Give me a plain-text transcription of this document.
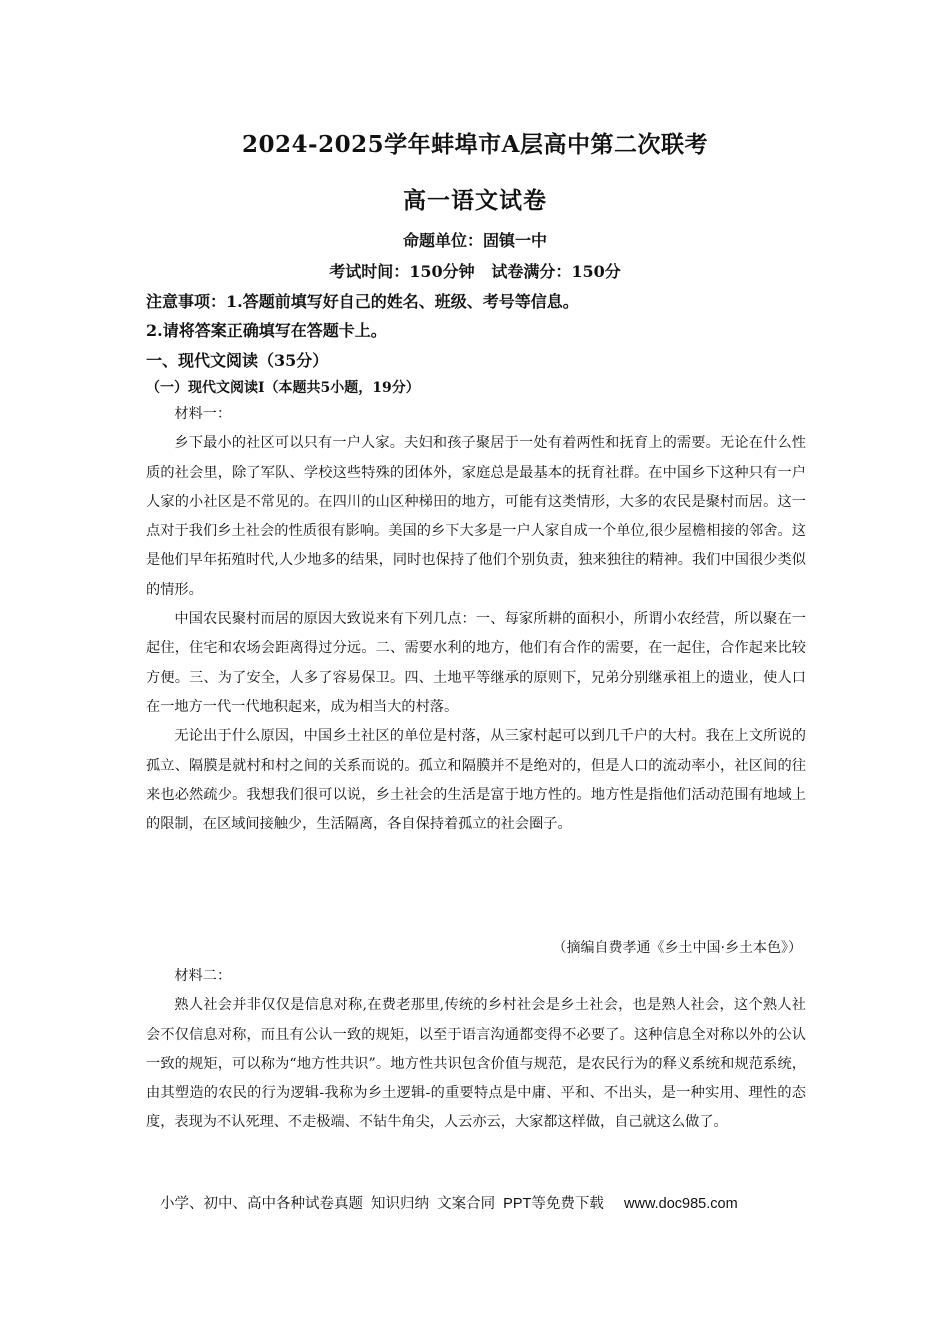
2024-2025学年蚌埠市A层高中第二次联考
高一语文试卷
命题单位：固镇一中
考试时间：150分钟   试卷满分：150分
注意事项：1.答题前填写好自己的姓名、班级、考号等信息。
2.请将答案正确填写在答题卡上。
一、现代文阅读（35分）
（一）现代文阅读Ⅰ（本题共5小题，19分）

材料一：

乡下最小的社区可以只有一户人家。夫妇和孩子聚居于一处有着两性和抚育上的需要。无论在什么性质的社会里，除了军队、学校这些特殊的团体外，家庭总是最基本的抚育社群。在中国乡下这种只有一户人家的小社区是不常见的。在四川的山区种梯田的地方，可能有这类情形，大多的农民是聚村而居。这一点对于我们乡土社会的性质很有影响。美国的乡下大多是一户人家自成一个单位,很少屋檐相接的邻舍。这是他们早年拓殖时代,人少地多的结果，同时也保持了他们个别负责，独来独往的精神。我们中国很少类似的情形。

中国农民聚村而居的原因大致说来有下列几点：一、每家所耕的面积小，所谓小农经营，所以聚在一起住，住宅和农场会距离得过分远。二、需要水利的地方，他们有合作的需要，在一起住，合作起来比较方便。三、为了安全，人多了容易保卫。四、土地平等继承的原则下，兄弟分别继承祖上的遗业，使人口在一地方一代一代地积起来，成为相当大的村落。

无论出于什么原因，中国乡土社区的单位是村落，从三家村起可以到几千户的大村。我在上文所说的孤立、隔膜是就村和村之间的关系而说的。孤立和隔膜并不是绝对的，但是人口的流动率小，社区间的往来也必然疏少。我想我们很可以说，乡土社会的生活是富于地方性的。地方性是指他们活动范围有地域上的限制，在区域间接触少，生活隔离，各自保持着孤立的社会圈子。

（摘编自费孝通《乡土中国·乡土本色》）

材料二：

熟人社会并非仅仅是信息对称,在费老那里,传统的乡村社会是乡土社会，也是熟人社会，这个熟人社会不仅信息对称，而且有公认一致的规矩，以至于语言沟通都变得不必要了。这种信息全对称以外的公认一致的规矩，可以称为“地方性共识”。地方性共识包含价值与规范，是农民行为的释义系统和规范系统，由其塑造的农民的行为逻辑-我称为乡土逻辑-的重要特点是中庸、平和、不出头，是一种实用、理性的态度，表现为不认死理、不走极端、不钻牛角尖，人云亦云，大家都这样做，自己就这么做了。

小学、初中、高中各种试卷真题  知识归纳  文案合同  PPT等免费下载     www.doc985.com
